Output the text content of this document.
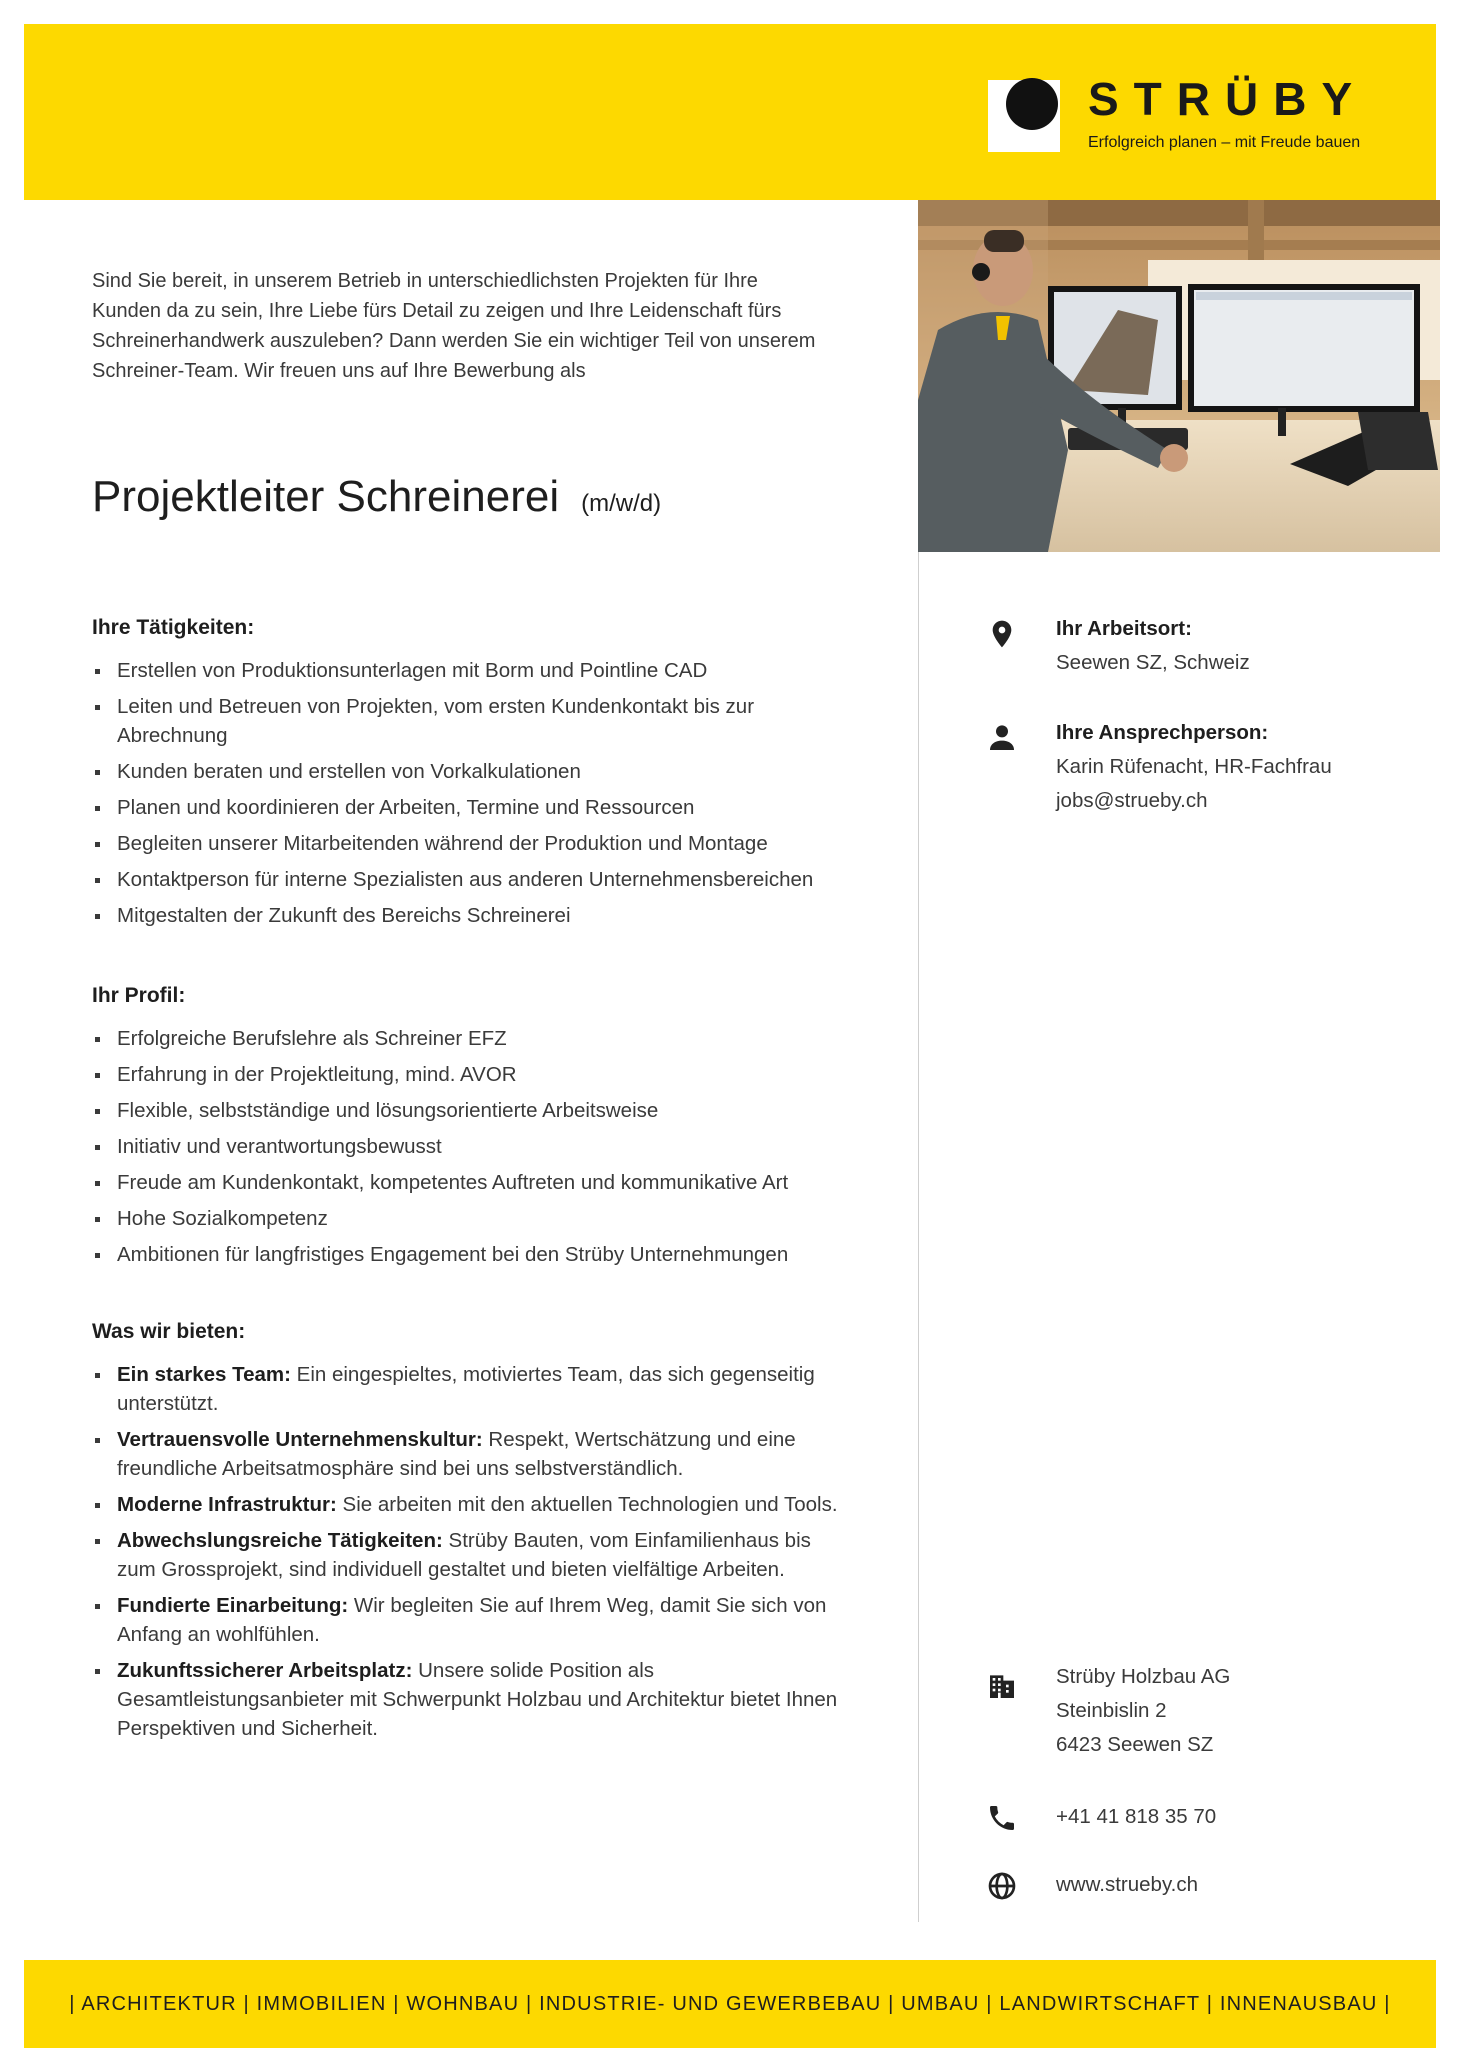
STRÜBY
Erfolgreich planen – mit Freude bauen
Sind Sie bereit, in unserem Betrieb in unterschiedlichsten Projekten für Ihre Kunden da zu sein, Ihre Liebe fürs Detail zu zeigen und Ihre Leidenschaft fürs Schreinerhandwerk auszuleben? Dann werden Sie ein wichtiger Teil von unserem Schreiner-Team. Wir freuen uns auf Ihre Bewerbung als
Projektleiter Schreinerei (m/w/d)
Ihre Tätigkeiten:
Erstellen von Produktionsunterlagen mit Borm und Pointline CAD
Leiten und Betreuen von Projekten, vom ersten Kundenkontakt bis zur Abrechnung
Kunden beraten und erstellen von Vorkalkulationen
Planen und koordinieren der Arbeiten, Termine und Ressourcen
Begleiten unserer Mitarbeitenden während der Produktion und Montage
Kontaktperson für interne Spezialisten aus anderen Unternehmensbereichen
Mitgestalten der Zukunft des Bereichs Schreinerei
Ihr Profil:
Erfolgreiche Berufslehre als Schreiner EFZ
Erfahrung in der Projektleitung, mind. AVOR
Flexible, selbstständige und lösungsorientierte Arbeitsweise
Initiativ und verantwortungsbewusst
Freude am Kundenkontakt, kompetentes Auftreten und kommunikative Art
Hohe Sozialkompetenz
Ambitionen für langfristiges Engagement bei den Strüby Unternehmungen
Was wir bieten:
Ein starkes Team: Ein eingespieltes, motiviertes Team, das sich gegenseitig unterstützt.
Vertrauensvolle Unternehmenskultur: Respekt, Wertschätzung und eine freundliche Arbeitsatmosphäre sind bei uns selbstverständlich.
Moderne Infrastruktur: Sie arbeiten mit den aktuellen Technologien und Tools.
Abwechslungsreiche Tätigkeiten: Strüby Bauten, vom Einfamilienhaus bis zum Grossprojekt, sind individuell gestaltet und bieten vielfältige Arbeiten.
Fundierte Einarbeitung: Wir begleiten Sie auf Ihrem Weg, damit Sie sich von Anfang an wohlfühlen.
Zukunftssicherer Arbeitsplatz: Unsere solide Position als Gesamtleistungsanbieter mit Schwerpunkt Holzbau und Architektur bietet Ihnen Perspektiven und Sicherheit.
Ihr Arbeitsort:
Seewen SZ, Schweiz
Ihre Ansprechperson:
Karin Rüfenacht, HR-Fachfrau
jobs@strueby.ch
Strüby Holzbau AG
Steinbislin 2
6423 Seewen SZ
+41 41 818 35 70
www.strueby.ch
| ARCHITEKTUR | IMMOBILIEN | WOHNBAU | INDUSTRIE- UND GEWERBEBAU | UMBAU | LANDWIRTSCHAFT | INNENAUSBAU |
